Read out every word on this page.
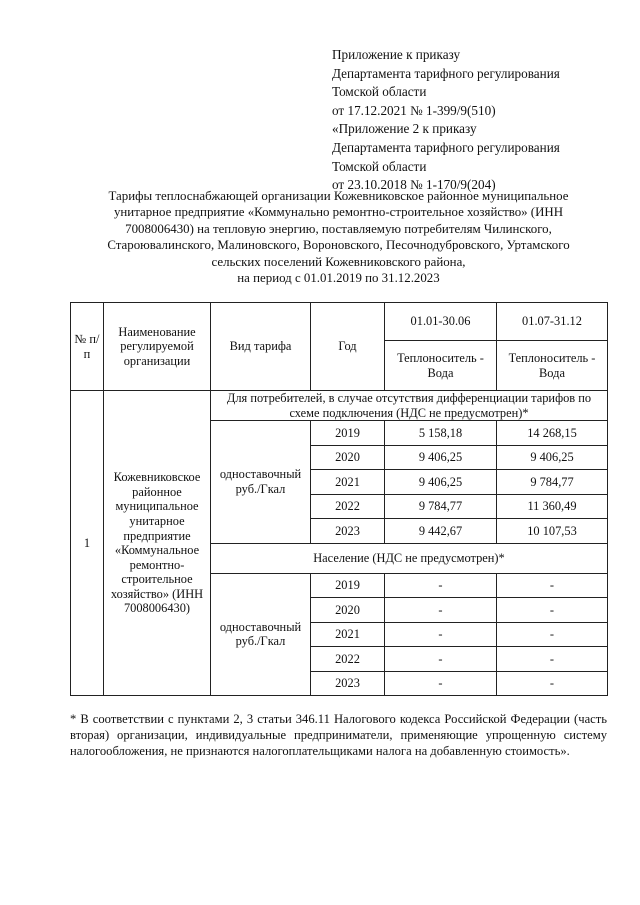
Приложение к приказу
Департамента тарифного регулирования
Томской области
от 17.12.2021 № 1-399/9(510)
«Приложение 2 к приказу
Департамента тарифного регулирования
Томской области
от 23.10.2018 № 1-170/9(204)
Тарифы теплоснабжающей организации Кожевниковское районное муниципальное
унитарное предприятие «Коммунально ремонтно-строительное хозяйство» (ИНН
7008006430) на тепловую энергию, поставляемую потребителям Чилинского,
Староювалинского, Малиновского, Вороновского, Песочнодубровского, Уртамского
сельских поселений Кожевниковского района,
на период с 01.01.2019 по 31.12.2023
№ п/п	Наименование регулируемой организации	Вид тарифа	Год	01.01-30.06	01.07-31.12
				Теплоноситель - Вода	Теплоноситель - Вода
1	Кожевниковское районное муниципальное унитарное предприятие «Коммунальное ремонтно-строительное хозяйство» (ИНН 7008006430)	Для потребителей, в случае отсутствия дифференциации тарифов по схеме подключения (НДС не предусмотрен)*			
		одноставочный руб./Гкал	2019	5 158,18	14 268,15
			2020	9 406,25	9 406,25
			2021	9 406,25	9 784,77
			2022	9 784,77	11 360,49
			2023	9 442,67	10 107,53
		Население (НДС не предусмотрен)*			
		одноставочный руб./Гкал	2019	-	-
			2020	-	-
			2021	-	-
			2022	-	-
			2023	-	-
* В соответствии с пунктами 2, 3 статьи 346.11 Налогового кодекса Российской Федерации (часть вторая) организации, индивидуальные предприниматели, применяющие упрощенную систему налогообложения, не признаются налогоплательщиками налога на добавленную стоимость».
